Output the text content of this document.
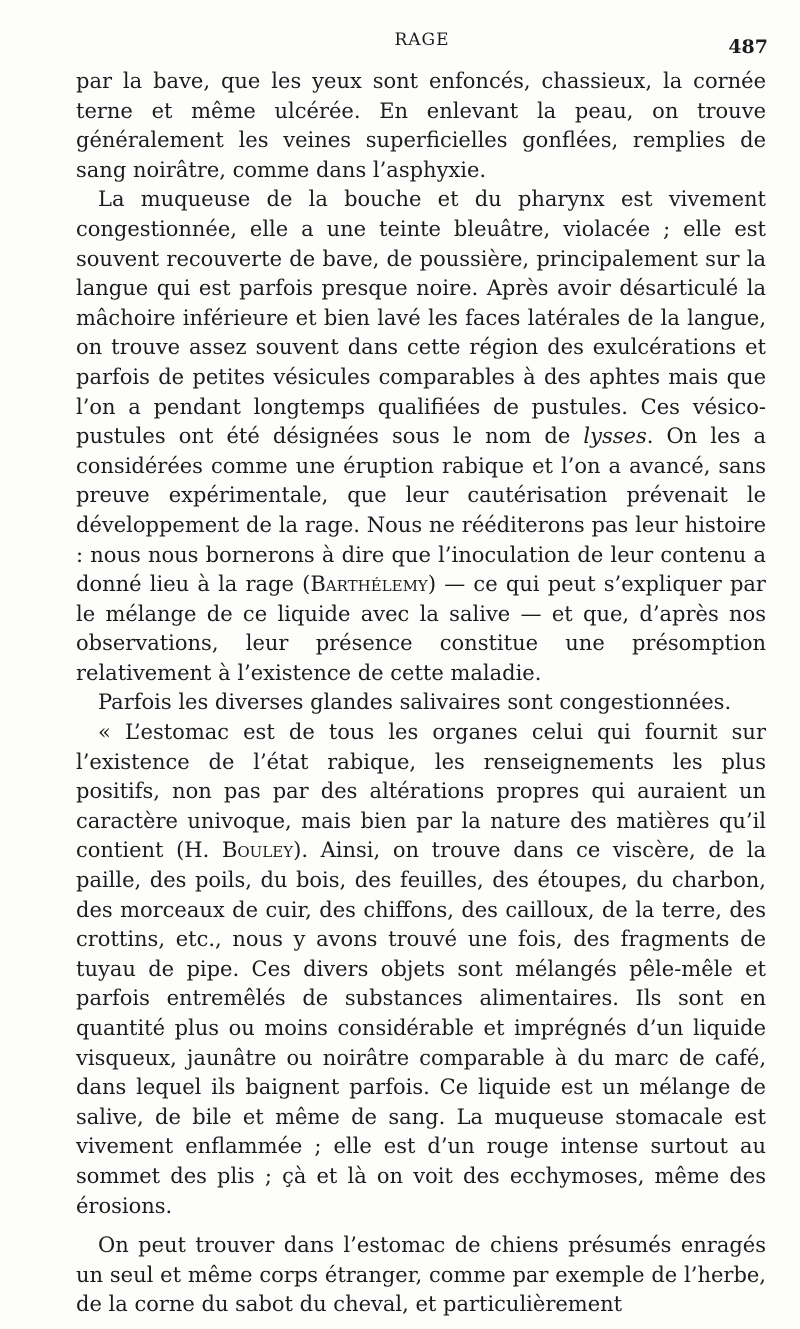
RAGE	487

par la bave, que les yeux sont enfoncés, chassieux, la cornée terne et même ulcérée. En enlevant la peau, on trouve généralement les veines superficielles gonflées, remplies de sang noirâtre, comme dans l’asphyxie.

La muqueuse de la bouche et du pharynx est vivement congestionnée, elle a une teinte bleuâtre, violacée ; elle est souvent recouverte de bave, de poussière, principalement sur la langue qui est parfois presque noire. Après avoir désarticulé la mâchoire inférieure et bien lavé les faces latérales de la langue, on trouve assez souvent dans cette région des exulcérations et parfois de petites vésicules comparables à des aphtes mais que l’on a pendant longtemps qualifiées de pustules. Ces vésico-pustules ont été désignées sous le nom de lysses. On les a considérées comme une éruption rabique et l’on a avancé, sans preuve expérimentale, que leur cautérisation prévenait le développement de la rage. Nous ne rééditerons pas leur histoire : nous nous bornerons à dire que l’inoculation de leur contenu a donné lieu à la rage (Barthélemy) — ce qui peut s’expliquer par le mélange de ce liquide avec la salive — et que, d’après nos observations, leur présence constitue une présomption relativement à l’existence de cette maladie.

Parfois les diverses glandes salivaires sont congestionnées.

« L’estomac est de tous les organes celui qui fournit sur l’existence de l’état rabique, les renseignements les plus positifs, non pas par des altérations propres qui auraient un caractère univoque, mais bien par la nature des matières qu’il contient (H. Bouley). Ainsi, on trouve dans ce viscère, de la paille, des poils, du bois, des feuilles, des étoupes, du charbon, des morceaux de cuir, des chiffons, des cailloux, de la terre, des crottins, etc., nous y avons trouvé une fois, des fragments de tuyau de pipe. Ces divers objets sont mélangés pêle-mêle et parfois entremêlés de substances alimentaires. Ils sont en quantité plus ou moins considérable et imprégnés d’un liquide visqueux, jaunâtre ou noirâtre comparable à du marc de café, dans lequel ils baignent parfois. Ce liquide est un mélange de salive, de bile et même de sang. La muqueuse stomacale est vivement enflammée ; elle est d’un rouge intense surtout au sommet des plis ; çà et là on voit des ecchymoses, même des érosions.

On peut trouver dans l’estomac de chiens présumés enragés un seul et même corps étranger, comme par exemple de l’herbe, de la corne du sabot du cheval, et particulièrement
